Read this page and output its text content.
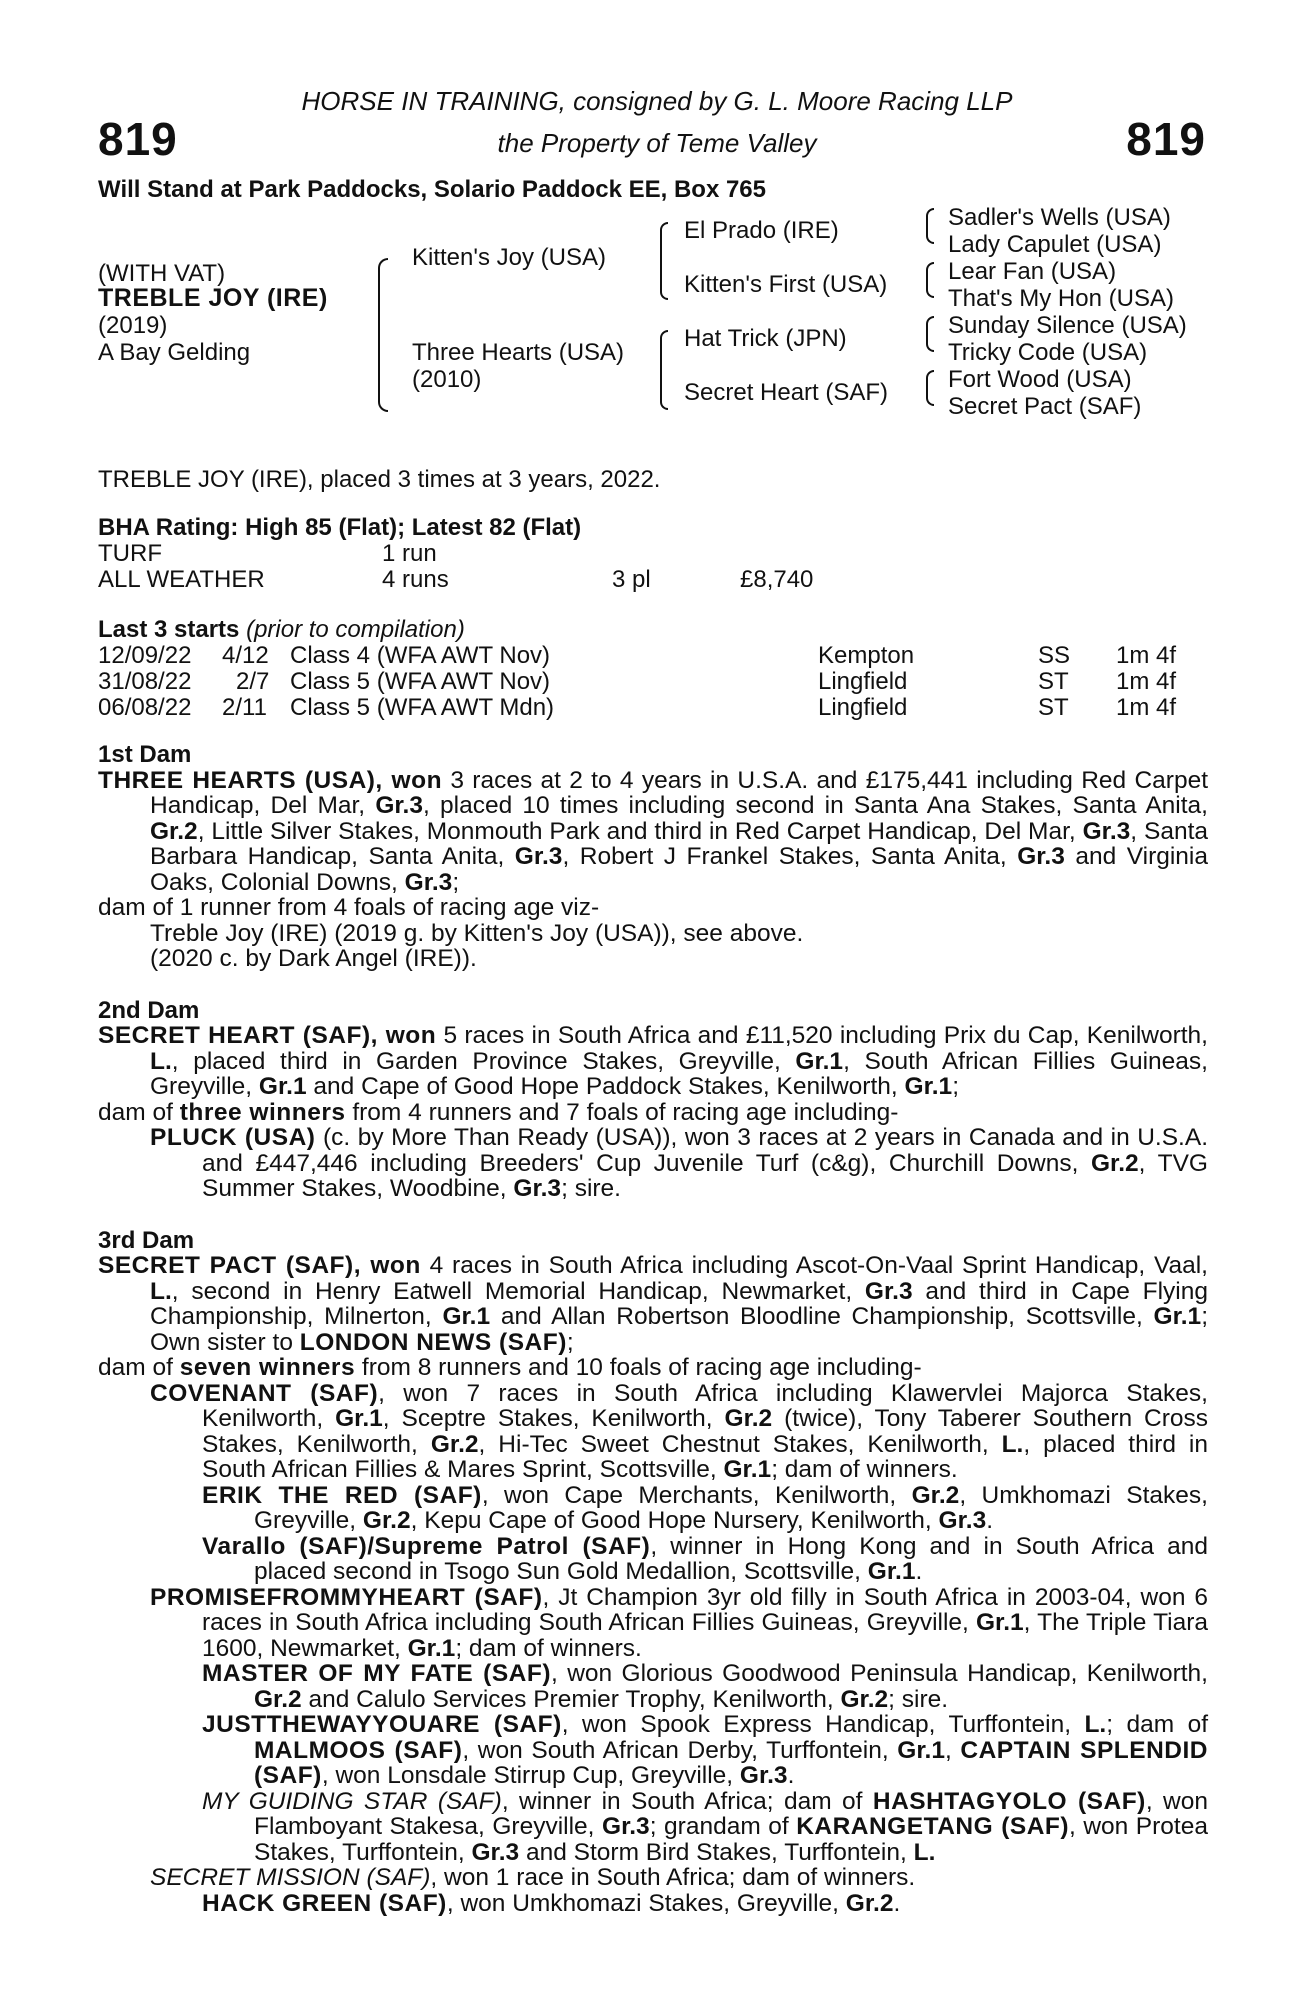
819	819
HORSE IN TRAINING, consigned by G. L. Moore Racing LLP
the Property of Teme Valley
Will Stand at Park Paddocks, Solario Paddock EE, Box 765
(WITH VAT)
TREBLE JOY (IRE)
(2019)
A Bay Gelding
Kitten's Joy (USA)
Three Hearts (USA)
(2010)
El Prado (IRE)
Kitten's First (USA)
Hat Trick (JPN)
Secret Heart (SAF)
Sadler's Wells (USA)
Lady Capulet (USA)
Lear Fan (USA)
That's My Hon (USA)
Sunday Silence (USA)
Tricky Code (USA)
Fort Wood (USA)
Secret Pact (SAF)
TREBLE JOY (IRE), placed 3 times at 3 years, 2022.
BHA Rating: High 85 (Flat); Latest 82 (Flat)
TURF	1 run
ALL WEATHER	4 runs	3 pl	£8,740
Last 3 starts (prior to compilation)
12/09/22 4/12 Class 4 (WFA AWT Nov)	Kempton	SS 1m 4f
31/08/22 2/7 Class 5 (WFA AWT Nov)	Lingfield	ST 1m 4f
06/08/22 2/11 Class 5 (WFA AWT Mdn)	Lingfield	ST 1m 4f
1st Dam
THREE HEARTS (USA), won 3 races at 2 to 4 years in U.S.A. and £175,441 including Red Carpet Handicap, Del Mar, Gr.3, placed 10 times including second in Santa Ana Stakes, Santa Anita, Gr.2, Little Silver Stakes, Monmouth Park and third in Red Carpet Handicap, Del Mar, Gr.3, Santa Barbara Handicap, Santa Anita, Gr.3, Robert J Frankel Stakes, Santa Anita, Gr.3 and Virginia Oaks, Colonial Downs, Gr.3;
dam of 1 runner from 4 foals of racing age viz-
Treble Joy (IRE) (2019 g. by Kitten's Joy (USA)), see above.
(2020 c. by Dark Angel (IRE)).
2nd Dam
SECRET HEART (SAF), won 5 races in South Africa and £11,520 including Prix du Cap, Kenilworth, L., placed third in Garden Province Stakes, Greyville, Gr.1, South African Fillies Guineas, Greyville, Gr.1 and Cape of Good Hope Paddock Stakes, Kenilworth, Gr.1;
dam of three winners from 4 runners and 7 foals of racing age including-
PLUCK (USA) (c. by More Than Ready (USA)), won 3 races at 2 years in Canada and in U.S.A. and £447,446 including Breeders' Cup Juvenile Turf (c&g), Churchill Downs, Gr.2, TVG Summer Stakes, Woodbine, Gr.3; sire.
3rd Dam
SECRET PACT (SAF), won 4 races in South Africa including Ascot-On-Vaal Sprint Handicap, Vaal, L., second in Henry Eatwell Memorial Handicap, Newmarket, Gr.3 and third in Cape Flying Championship, Milnerton, Gr.1 and Allan Robertson Bloodline Championship, Scottsville, Gr.1; Own sister to LONDON NEWS (SAF);
dam of seven winners from 8 runners and 10 foals of racing age including-
COVENANT (SAF), won 7 races in South Africa including Klawervlei Majorca Stakes, Kenilworth, Gr.1, Sceptre Stakes, Kenilworth, Gr.2 (twice), Tony Taberer Southern Cross Stakes, Kenilworth, Gr.2, Hi-Tec Sweet Chestnut Stakes, Kenilworth, L., placed third in South African Fillies & Mares Sprint, Scottsville, Gr.1; dam of winners.
ERIK THE RED (SAF), won Cape Merchants, Kenilworth, Gr.2, Umkhomazi Stakes, Greyville, Gr.2, Kepu Cape of Good Hope Nursery, Kenilworth, Gr.3.
Varallo (SAF)/Supreme Patrol (SAF), winner in Hong Kong and in South Africa and placed second in Tsogo Sun Gold Medallion, Scottsville, Gr.1.
PROMISEFROMMYHEART (SAF), Jt Champion 3yr old filly in South Africa in 2003-04, won 6 races in South Africa including South African Fillies Guineas, Greyville, Gr.1, The Triple Tiara 1600, Newmarket, Gr.1; dam of winners.
MASTER OF MY FATE (SAF), won Glorious Goodwood Peninsula Handicap, Kenilworth, Gr.2 and Calulo Services Premier Trophy, Kenilworth, Gr.2; sire.
JUSTTHEWAYYOUARE (SAF), won Spook Express Handicap, Turffontein, L.; dam of MALMOOS (SAF), won South African Derby, Turffontein, Gr.1, CAPTAIN SPLENDID (SAF), won Lonsdale Stirrup Cup, Greyville, Gr.3.
MY GUIDING STAR (SAF), winner in South Africa; dam of HASHTAGYOLO (SAF), won Flamboyant Stakesa, Greyville, Gr.3; grandam of KARANGETANG (SAF), won Protea Stakes, Turffontein, Gr.3 and Storm Bird Stakes, Turffontein, L.
SECRET MISSION (SAF), won 1 race in South Africa; dam of winners.
HACK GREEN (SAF), won Umkhomazi Stakes, Greyville, Gr.2.
